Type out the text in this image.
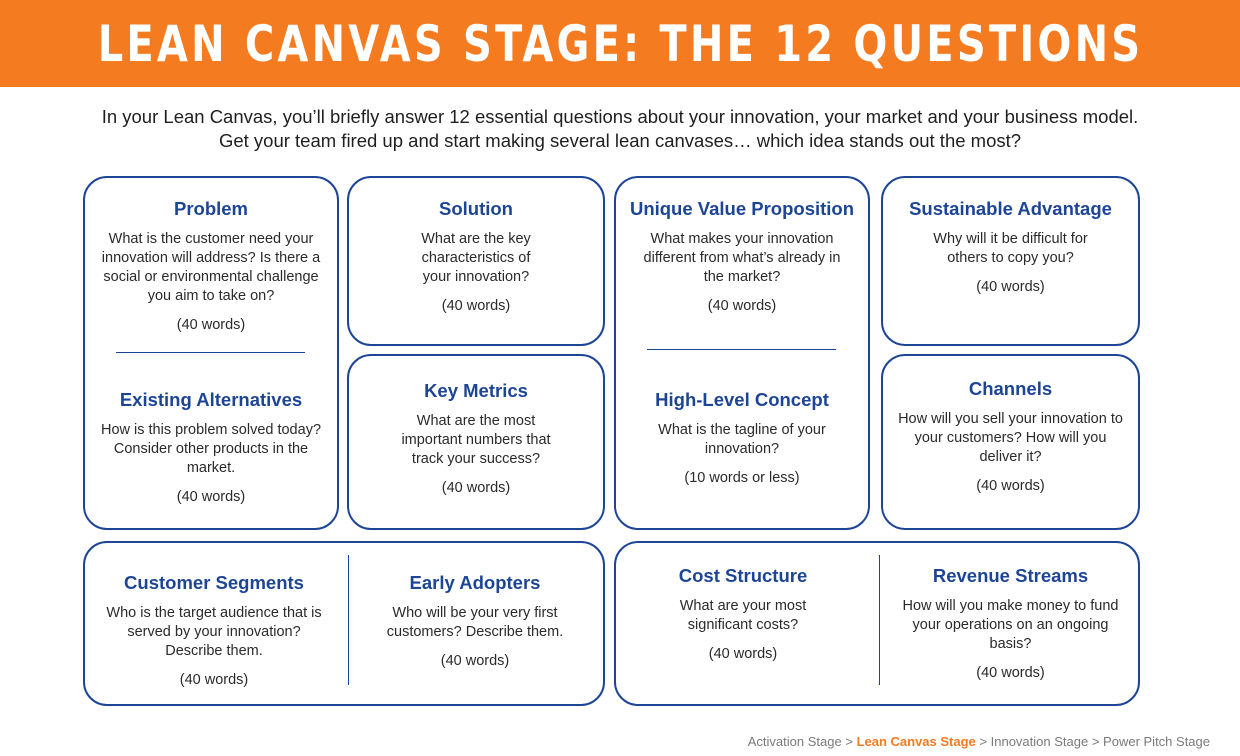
LEAN CANVAS STAGE: THE 12 QUESTIONS
In your Lean Canvas, you’ll briefly answer 12 essential questions about your innovation, your market and your business model.
Get your team fired up and start making several lean canvases… which idea stands out the most?
Problem

What is the customer need your innovation will address? Is there a social or environmental challenge you aim to take on?

(40 words)
Existing Alternatives

How is this problem solved today? Consider other products in the market.

(40 words)
Solution

What are the key characteristics of your innovation?

(40 words)
Key Metrics

What are the most important numbers that track your success?

(40 words)
Unique Value Proposition

What makes your innovation different from what’s already in the market?

(40 words)
High-Level Concept

What is the tagline of your innovation?

(10 words or less)
Sustainable Advantage

Why will it be difficult for others to copy you?

(40 words)
Channels

How will you sell your innovation to your customers? How will you deliver it?

(40 words)
Customer Segments

Who is the target audience that is served by your innovation? Describe them.

(40 words)
Early Adopters

Who will be your very first customers? Describe them.

(40 words)
Cost Structure

What are your most significant costs?

(40 words)
Revenue Streams

How will you make money to fund your operations on an ongoing basis?

(40 words)
Activation Stage > Lean Canvas Stage > Innovation Stage > Power Pitch Stage
